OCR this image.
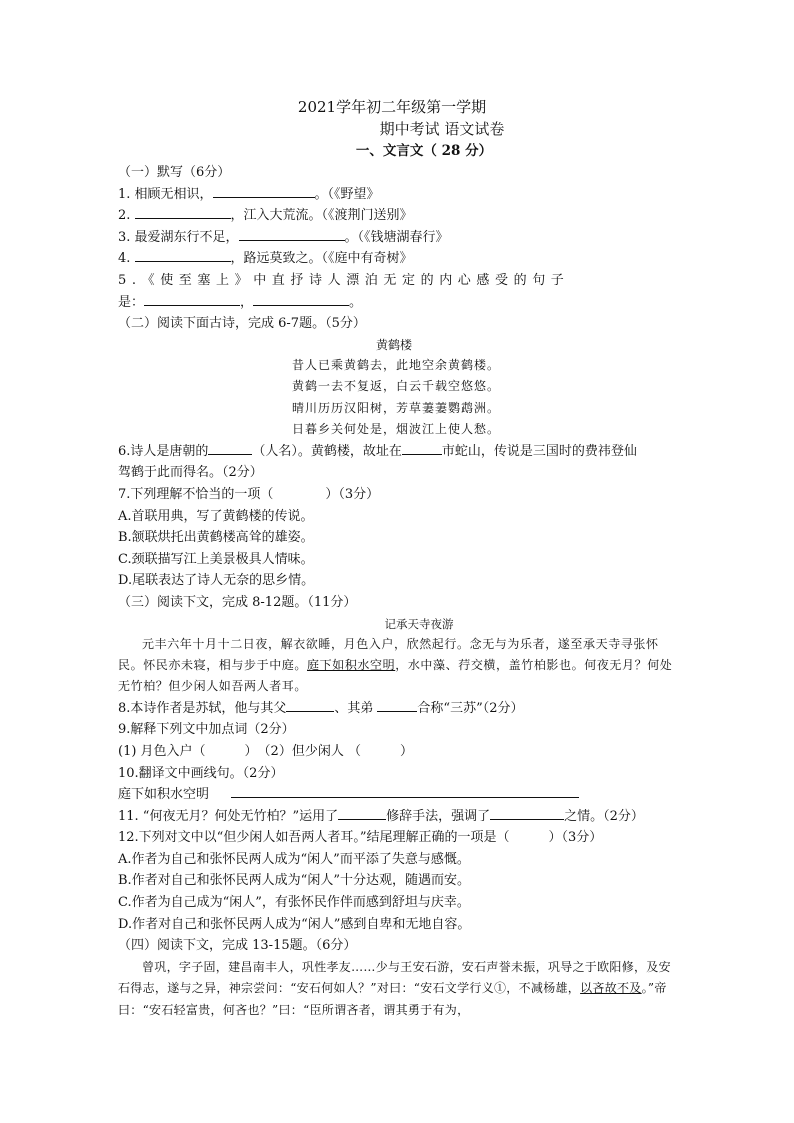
2021学年初二年级第一学期
期中考试 语文试卷
一、文言文（ 28 分）
（一）默写（6分）
1. 相顾无相识，	。（《野望》
2.	，江入大荒流。（《渡荆门送别》
3. 最爱湖东行不足，	。（《钱塘湖春行》
4.	，路远莫致之。（《庭中有奇树》
5.《使至塞上》中直抒诗人漂泊无定的内心感受的句子
是：	，	。
（二）阅读下面古诗，完成 6-7题。（5分）
黄鹤楼
昔人已乘黄鹤去，此地空余黄鹤楼。
黄鹤一去不复返，白云千载空悠悠。
晴川历历汉阳树，芳草萋萋鹦鹉洲。
日暮乡关何处是，烟波江上使人愁。
6.诗人是唐朝的	（人名）。黄鹤楼，故址在	市蛇山，传说是三国时的费祎登仙
驾鹤于此而得名。（2分）
7.下列理解不恰当的一项（　　　　）（3分）
A.首联用典，写了黄鹤楼的传说。
B.颔联烘托出黄鹤楼高耸的雄姿。
C.颈联描写江上美景极具人情味。
D.尾联表达了诗人无奈的思乡情。
（三）阅读下文，完成 8-12题。（11分）
记承天寺夜游
元丰六年十月十二日夜，解衣欲睡，月色入户，欣然起行。念无与为乐者，遂至承天寺寻张怀民。怀民亦未寝，相与步于中庭。庭下如积水空明，水中藻、荇交横，盖竹柏影也。何夜无月？何处无竹柏？但少闲人如吾两人者耳。
8.本诗作者是苏轼，他与其父	、其弟	合称“三苏”（2分）
9.解释下列文中加点词（2分）
(1) 月色入户（　　　）　（2）但少闲人 （　　　）
10.翻译文中画线句。（2分）
庭下如积水空明
11. “何夜无月？何处无竹柏？”运用了	修辞手法，强调了	之情。（2分）
12.下列对文中以“但少闲人如吾两人者耳。”结尾理解正确的一项是（　　　）（3分）
A.作者为自己和张怀民两人成为“闲人”而平添了失意与感慨。
B.作者对自己和张怀民两人成为“闲人”十分达观，随遇而安。
C.作者为自己成为“闲人”，有张怀民作伴而感到舒坦与庆幸。
D.作者对自己和张怀民两人成为“闲人”感到自卑和无地自容。
（四）阅读下文，完成 13-15题。（6分）
曾巩，字子固，建昌南丰人，巩性孝友……少与王安石游，安石声誉未振，巩导之于欧阳修，及安石得志，遂与之异，神宗尝问：“安石何如人？”对曰：“安石文学行义①，不减杨雄，以吝故不及。”帝曰：“安石轻富贵，何吝也？”曰：“臣所谓吝者，谓其勇于有为，
